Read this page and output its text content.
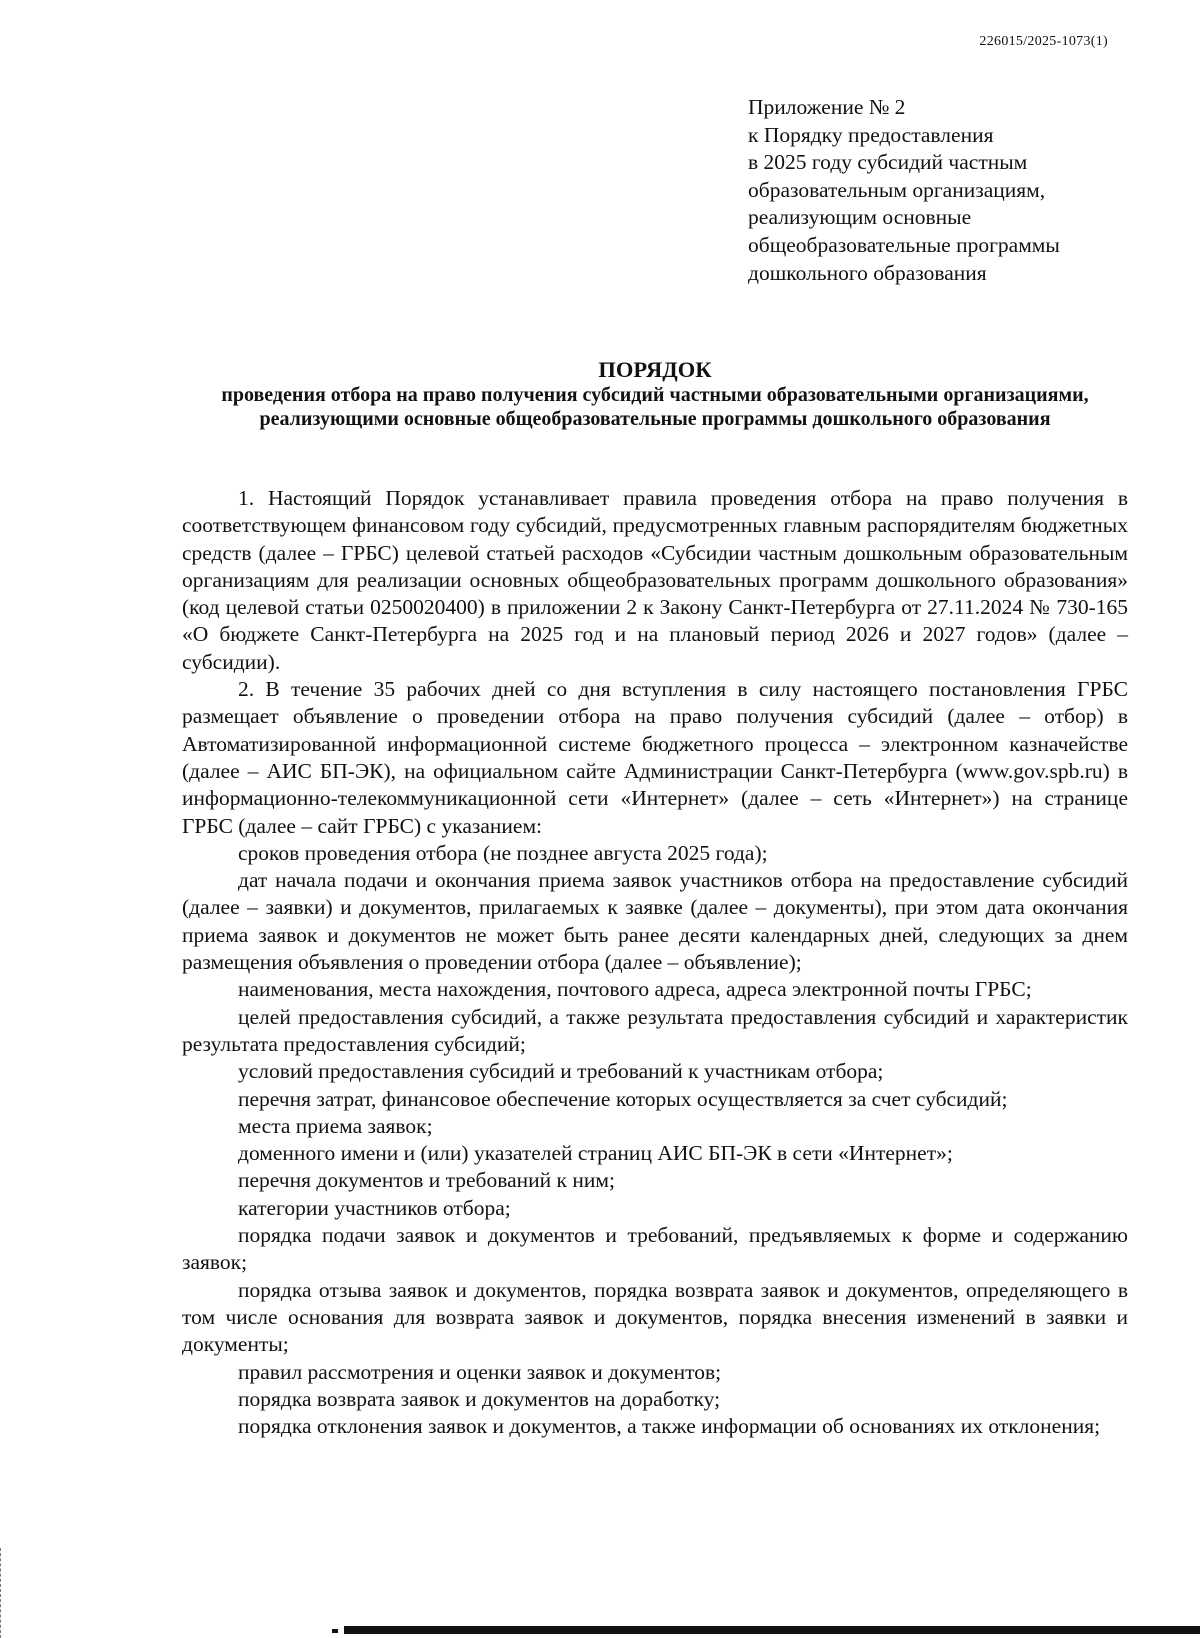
226015/2025-1073(1)
Приложение № 2
к Порядку предоставления
в 2025 году субсидий частным
образовательным организациям,
реализующим основные
общеобразовательные программы
дошкольного образования
ПОРЯДОК
проведения отбора на право получения субсидий частными образовательными организациями, реализующими основные общеобразовательные программы дошкольного образования

1. Настоящий Порядок устанавливает правила проведения отбора на право получения в соответствующем финансовом году субсидий, предусмотренных главным распорядителям бюджетных средств (далее – ГРБС) целевой статьей расходов «Субсидии частным дошкольным образовательным организациям для реализации основных общеобразовательных программ дошкольного образования» (код целевой статьи 0250020400) в приложении 2 к Закону Санкт-Петербурга от 27.11.2024 № 730-165 «О бюджете Санкт-Петербурга на 2025 год и на плановый период 2026 и 2027 годов» (далее – субсидии).

2. В течение 35 рабочих дней со дня вступления в силу настоящего постановления ГРБС размещает объявление о проведении отбора на право получения субсидий (далее – отбор) в Автоматизированной информационной системе бюджетного процесса – электронном казначействе (далее – АИС БП-ЭК), на официальном сайте Администрации Санкт-Петербурга (www.gov.spb.ru) в информационно-телекоммуникационной сети «Интернет» (далее – сеть «Интернет») на странице ГРБС (далее – сайт ГРБС) с указанием:

сроков проведения отбора (не позднее августа 2025 года);

дат начала подачи и окончания приема заявок участников отбора на предоставление субсидий (далее – заявки) и документов, прилагаемых к заявке (далее – документы), при этом дата окончания приема заявок и документов не может быть ранее десяти календарных дней, следующих за днем размещения объявления о проведении отбора (далее – объявление);

наименования, места нахождения, почтового адреса, адреса электронной почты ГРБС;

целей предоставления субсидий, а также результата предоставления субсидий и характеристик результата предоставления субсидий;

условий предоставления субсидий и требований к участникам отбора;

перечня затрат, финансовое обеспечение которых осуществляется за счет субсидий;

места приема заявок;

доменного имени и (или) указателей страниц АИС БП-ЭК в сети «Интернет»;

перечня документов и требований к ним;

категории участников отбора;

порядка подачи заявок и документов и требований, предъявляемых к форме и содержанию заявок;

порядка отзыва заявок и документов, порядка возврата заявок и документов, определяющего в том числе основания для возврата заявок и документов, порядка внесения изменений в заявки и документы;

правил рассмотрения и оценки заявок и документов;

порядка возврата заявок и документов на доработку;

порядка отклонения заявок и документов, а также информации об основаниях их отклонения;
